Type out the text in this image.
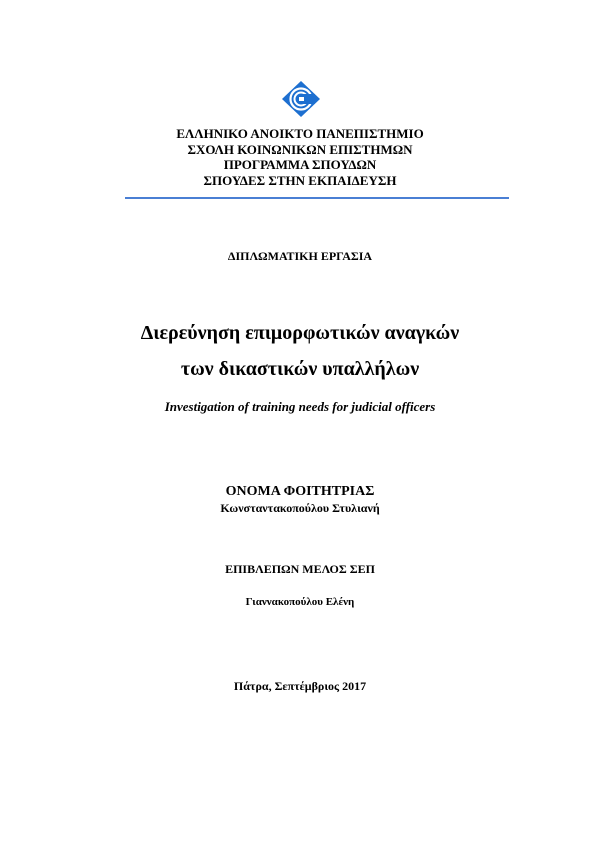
ΕΛΛΗΝΙΚΟ ΑΝΟΙΚΤΟ ΠΑΝΕΠΙΣΤΗΜΙΟ
ΣΧΟΛΗ ΚΟΙΝΩΝΙΚΩΝ ΕΠΙΣΤΗΜΩΝ
ΠΡΟΓΡΑΜΜΑ ΣΠΟΥΔΩΝ
ΣΠΟΥΔΕΣ ΣΤΗΝ ΕΚΠΑΙΔΕΥΣΗ
ΔΙΠΛΩΜΑΤΙΚΗ ΕΡΓΑΣΙΑ
Διερεύνηση επιμορφωτικών αναγκών
των δικαστικών υπαλλήλων
Investigation of training needs for judicial officers
ΟΝΟΜΑ ΦΟΙΤΗΤΡΙΑΣ
Κωνσταντακοπούλου Στυλιανή
ΕΠΙΒΛΕΠΩΝ ΜΕΛΟΣ ΣΕΠ
Γιαννακοπούλου Ελένη
Πάτρα, Σεπτέμβριος 2017
